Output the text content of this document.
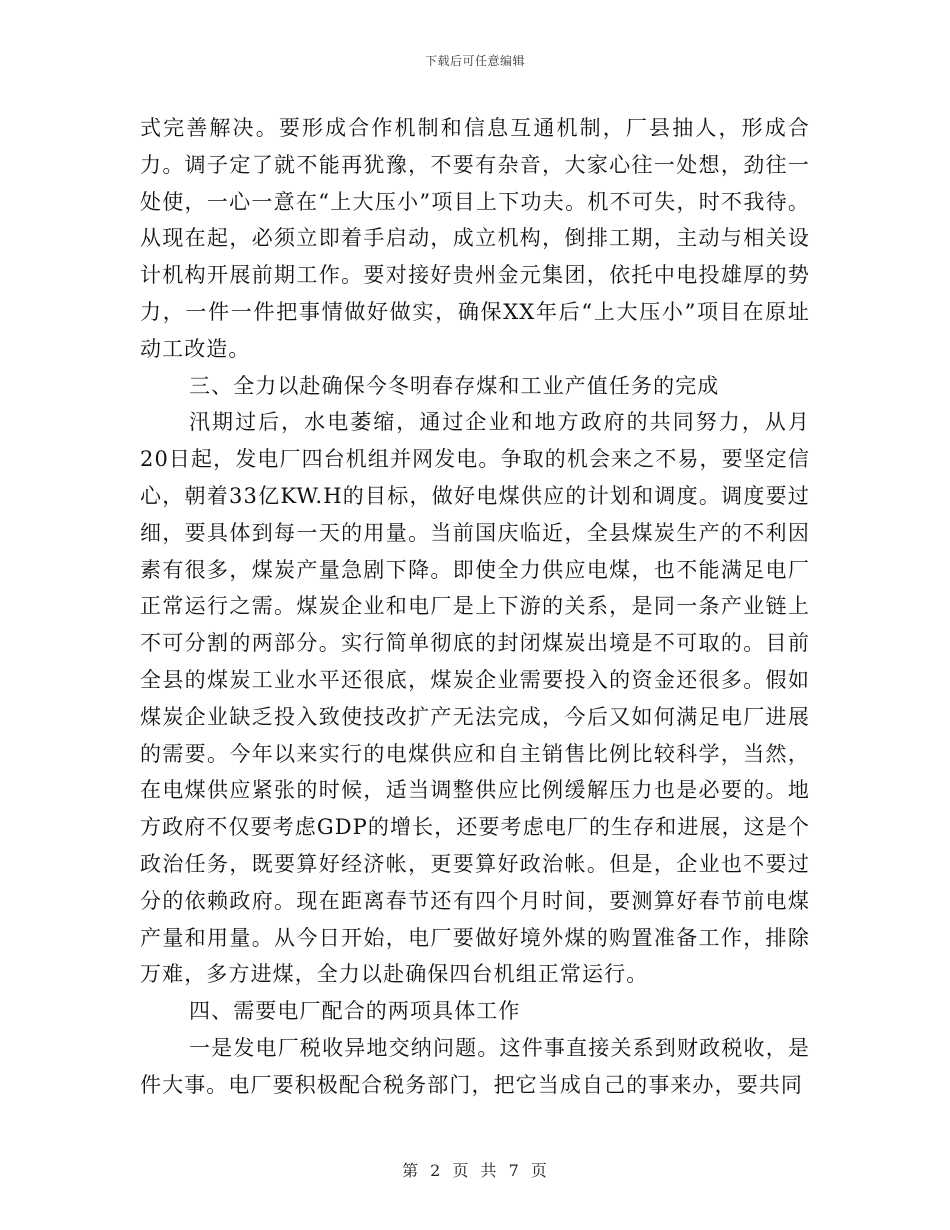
下载后可任意编辑

式完善解决。要形成合作机制和信息互通机制，厂县抽人，形成合力。调子定了就不能再犹豫，不要有杂音，大家心往一处想，劲往一处使，一心一意在“上大压小”项目上下功夫。机不可失，时不我待。从现在起，必须立即着手启动，成立机构，倒排工期，主动与相关设计机构开展前期工作。要对接好贵州金元集团，依托中电投雄厚的势力，一件一件把事情做好做实，确保XX年后“上大压小”项目在原址动工改造。

三、全力以赴确保今冬明春存煤和工业产值任务的完成

汛期过后，水电萎缩，通过企业和地方政府的共同努力，从月20日起，发电厂四台机组并网发电。争取的机会来之不易，要坚定信心，朝着33亿KW.H的目标，做好电煤供应的计划和调度。调度要过细，要具体到每一天的用量。当前国庆临近，全县煤炭生产的不利因素有很多，煤炭产量急剧下降。即使全力供应电煤，也不能满足电厂正常运行之需。煤炭企业和电厂是上下游的关系，是同一条产业链上不可分割的两部分。实行简单彻底的封闭煤炭出境是不可取的。目前全县的煤炭工业水平还很底，煤炭企业需要投入的资金还很多。假如煤炭企业缺乏投入致使技改扩产无法完成，今后又如何满足电厂进展的需要。今年以来实行的电煤供应和自主销售比例比较科学，当然，在电煤供应紧张的时候，适当调整供应比例缓解压力也是必要的。地方政府不仅要考虑GDP的增长，还要考虑电厂的生存和进展，这是个政治任务，既要算好经济帐，更要算好政治帐。但是，企业也不要过分的依赖政府。现在距离春节还有四个月时间，要测算好春节前电煤产量和用量。从今日开始，电厂要做好境外煤的购置准备工作，排除万难，多方进煤，全力以赴确保四台机组正常运行。

四、需要电厂配合的两项具体工作

一是发电厂税收异地交纳问题。这件事直接关系到财政税收，是件大事。电厂要积极配合税务部门，把它当成自己的事来办，要共同

第 2 页 共 7 页
